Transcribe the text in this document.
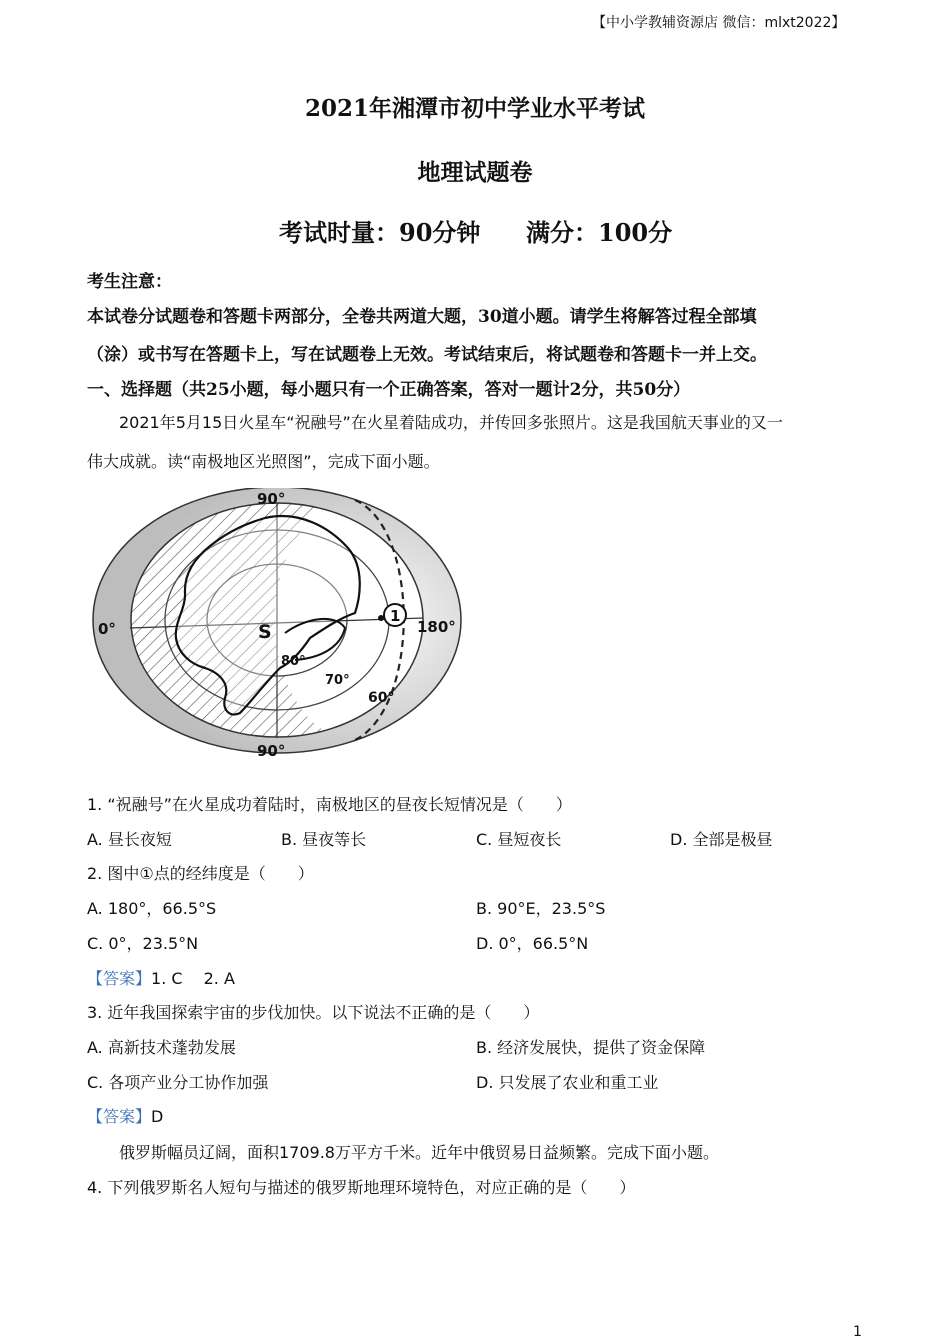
【中小学教辅资源店 微信：mlxt2022】
2021年湘潭市初中学业水平考试
地理试题卷
考试时量：90分钟 满分：100分
考生注意：
本试卷分试题卷和答题卡两部分，全卷共两道大题，30道小题。请学生将解答过程全部填
（涂）或书写在答题卡上，写在试题卷上无效。考试结束后，将试题卷和答题卡一并上交。
一、选择题（共25小题，每小题只有一个正确答案，答对一题计2分，共50分）
2021年5月15日火星车“祝融号”在火星着陆成功，并传回多张照片。这是我国航天事业的又一
伟大成就。读“南极地区光照图”，完成下面小题。
1
90°
0°	180°
90°
S
80°
70°
60°
1. “祝融号”在火星成功着陆时，南极地区的昼夜长短情况是（　　）
A. 昼长夜短	B. 昼夜等长	C. 昼短夜长	D. 全部是极昼
2. 图中①点的经纬度是（　　）
A. 180°，66.5°S	B. 90°E，23.5°S
C. 0°，23.5°N	D. 0°，66.5°N
【答案】1. C　 2. A
3. 近年我国探索宇宙的步伐加快。以下说法不正确的是（　　）
A. 高新技术蓬勃发展	B. 经济发展快，提供了资金保障
C. 各项产业分工协作加强	D. 只发展了农业和重工业
【答案】D
俄罗斯幅员辽阔，面积1709.8万平方千米。近年中俄贸易日益频繁。完成下面小题。
4. 下列俄罗斯名人短句与描述的俄罗斯地理环境特色，对应正确的是（　　）
1
